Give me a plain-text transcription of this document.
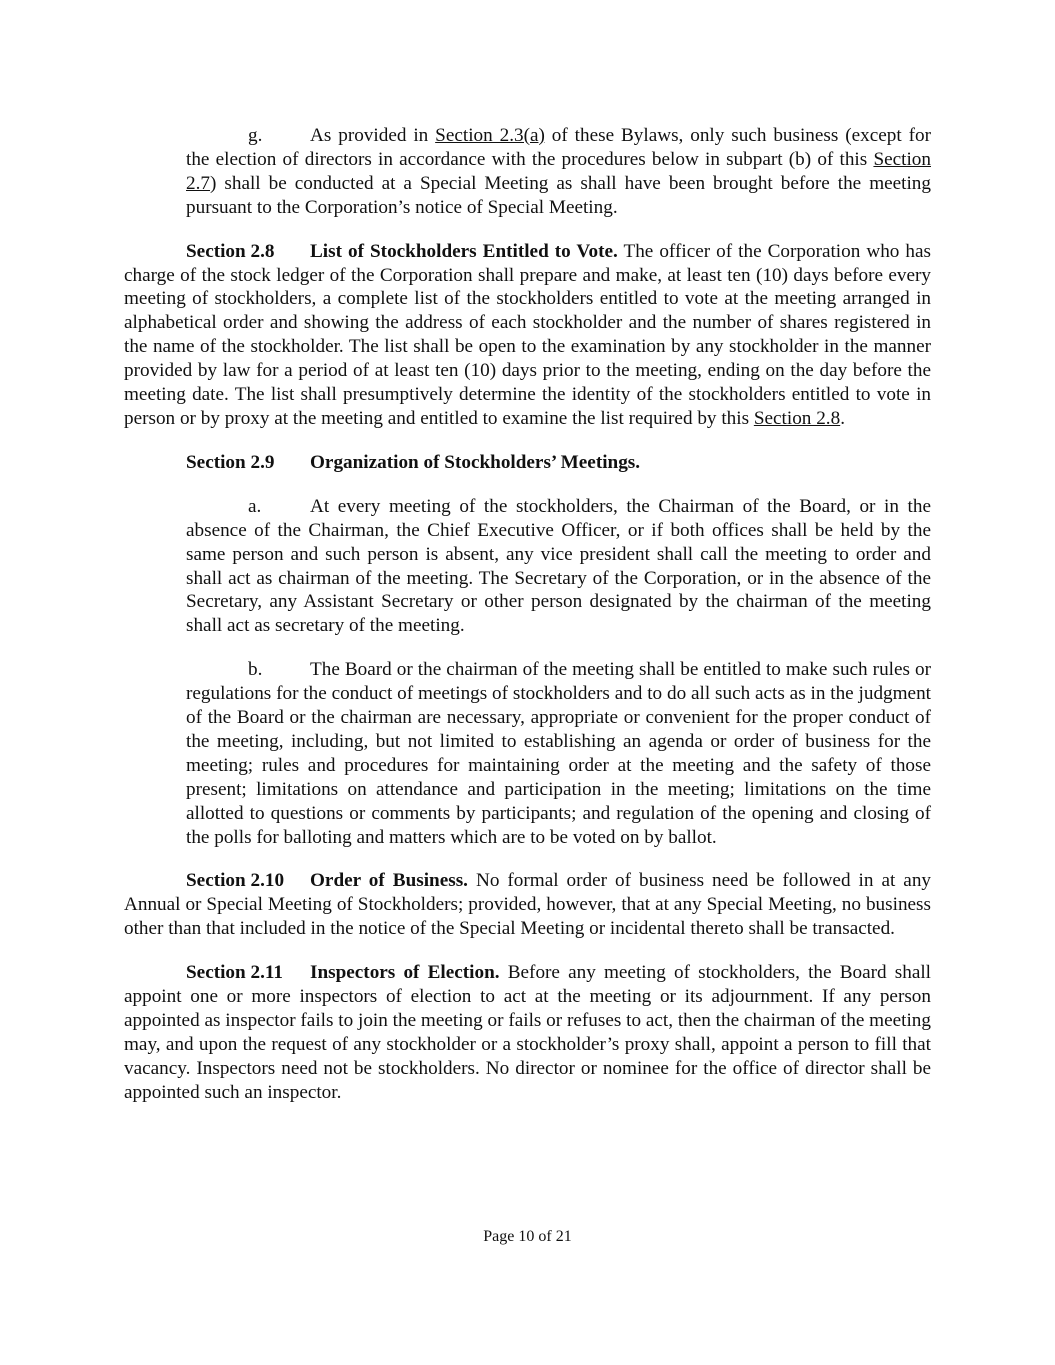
g. As provided in Section 2.3(a) of these Bylaws, only such business (except for the election of directors in accordance with the procedures below in subpart (b) of this Section 2.7) shall be conducted at a Special Meeting as shall have been brought before the meeting pursuant to the Corporation’s notice of Special Meeting.

Section 2.8 List of Stockholders Entitled to Vote. The officer of the Corporation who has charge of the stock ledger of the Corporation shall prepare and make, at least ten (10) days before every meeting of stockholders, a complete list of the stockholders entitled to vote at the meeting arranged in alphabetical order and showing the address of each stockholder and the number of shares registered in the name of the stockholder. The list shall be open to the examination by any stockholder in the manner provided by law for a period of at least ten (10) days prior to the meeting, ending on the day before the meeting date. The list shall presumptively determine the identity of the stockholders entitled to vote in person or by proxy at the meeting and entitled to examine the list required by this Section 2.8.

Section 2.9 Organization of Stockholders’ Meetings.

a.	At every meeting of the stockholders, the Chairman of the Board, or in the absence of the Chairman, the Chief Executive Officer, or if both offices shall be held by the same person and such person is absent, any vice president shall call the meeting to order and shall act as chairman of the meeting. The Secretary of the Corporation, or in the absence of the Secretary, any Assistant Secretary or other person designated by the chairman of the meeting shall act as secretary of the meeting.

b. The Board or the chairman of the meeting shall be entitled to make such rules or regulations for the conduct of meetings of stockholders and to do all such acts as in the judgment of the Board or the chairman are necessary, appropriate or convenient for the proper conduct of the meeting, including, but not limited to establishing an agenda or order of business for the meeting; rules and procedures for maintaining order at the meeting and the safety of those present; limitations on attendance and participation in the meeting; limitations on the time allotted to questions or comments by participants; and regulation of the opening and closing of the polls for balloting and matters which are to be voted on by ballot.

Section 2.10 Order of Business. No formal order of business need be followed in at any Annual or Special Meeting of Stockholders; provided, however, that at any Special Meeting, no business other than that included in the notice of the Special Meeting or incidental thereto shall be transacted.

Section 2.11 Inspectors of Election. Before any meeting of stockholders, the Board shall appoint one or more inspectors of election to act at the meeting or its adjournment. If any person appointed as inspector fails to join the meeting or fails or refuses to act, then the chairman of the meeting may, and upon the request of any stockholder or a stockholder’s proxy shall, appoint a person to fill that vacancy. Inspectors need not be stockholders. No director or nominee for the office of director shall be appointed such an inspector.

Page 10 of 21
